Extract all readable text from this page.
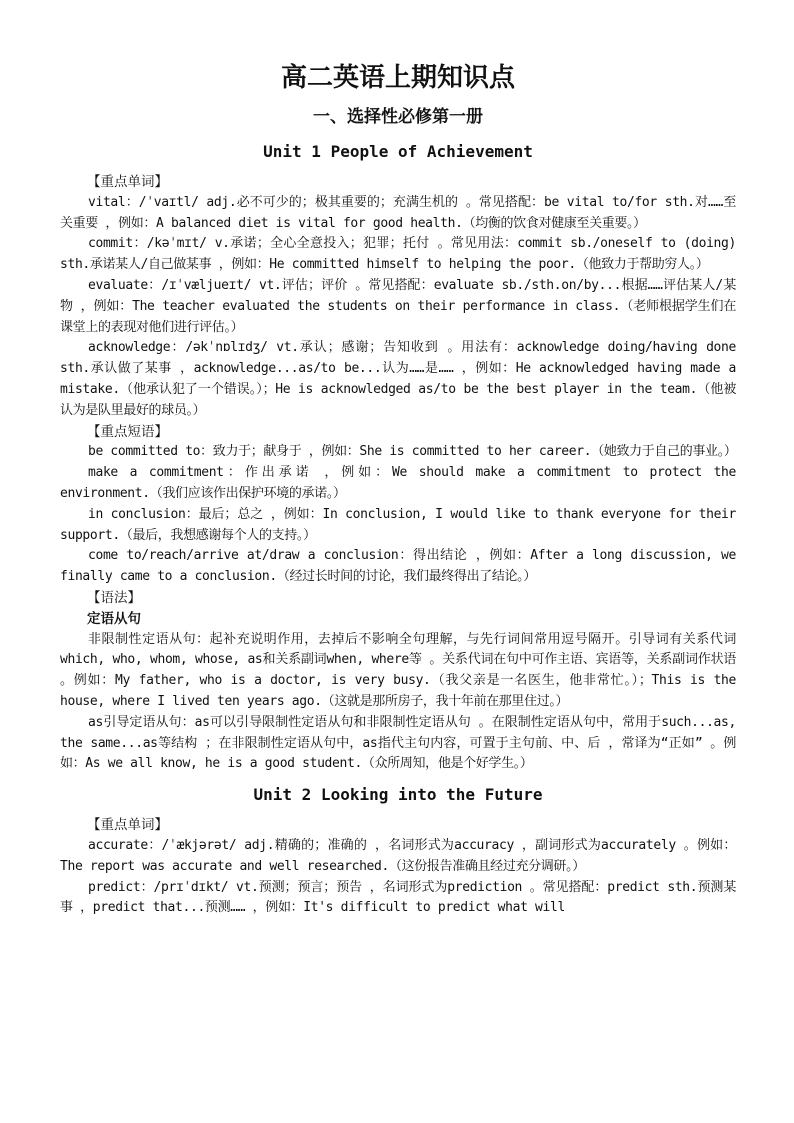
高二英语上期知识点
一、选择性必修第一册
Unit 1 People of Achievement
【重点单词】

vital：/ˈvaɪtl/ adj.必不可少的；极其重要的；充满生机的 。常见搭配：be vital to/for sth.对……至关重要 ，例如：A balanced diet is vital for good health.（均衡的饮食对健康至关重要。）

commit：/kəˈmɪt/ v.承诺；全心全意投入；犯罪；托付 。常见用法：commit sb./oneself to (doing) sth.承诺某人/自己做某事 ，例如：He committed himself to helping the poor.（他致力于帮助穷人。）

evaluate：/ɪˈvæljueɪt/ vt.评估；评价 。常见搭配：evaluate sb./sth.on/by...根据……评估某人/某物 ，例如：The teacher evaluated the students on their performance in class.（老师根据学生们在课堂上的表现对他们进行评估。）

acknowledge：/əkˈnɒlɪdʒ/ vt.承认；感谢；告知收到 。用法有：acknowledge doing/having done sth.承认做了某事 ，acknowledge...as/to be...认为……是…… ，例如：He acknowledged having made a mistake.（他承认犯了一个错误。）；He is acknowledged as/to be the best player in the team.（他被认为是队里最好的球员。）

【重点短语】

be committed to：致力于；献身于 ，例如：She is committed to her career.（她致力于自己的事业。）

make a commitment：作出承诺 ，例如：We should make a commitment to protect the environment.（我们应该作出保护环境的承诺。）

in conclusion：最后；总之 ，例如：In conclusion, I would like to thank everyone for their support.（最后，我想感谢每个人的支持。）

come to/reach/arrive at/draw a conclusion：得出结论 ，例如：After a long discussion, we finally came to a conclusion.（经过长时间的讨论，我们最终得出了结论。）

【语法】
定语从句

非限制性定语从句：起补充说明作用，去掉后不影响全句理解，与先行词间常用逗号隔开。引导词有关系代词which, who, whom, whose, as和关系副词when, where等 。关系代词在句中可作主语、宾语等，关系副词作状语 。例如：My father, who is a doctor, is very busy.（我父亲是一名医生，他非常忙。）；This is the house, where I lived ten years ago.（这就是那所房子，我十年前在那里住过。）

as引导定语从句：as可以引导限制性定语从句和非限制性定语从句 。在限制性定语从句中，常用于such...as, the same...as等结构 ；在非限制性定语从句中，as指代主句内容，可置于主句前、中、后 ，常译为“正如” 。例如：As we all know, he is a good student.（众所周知，他是个好学生。）

Unit 2 Looking into the Future
【重点单词】

accurate：/ˈækjərət/ adj.精确的；准确的 ，名词形式为accuracy ，副词形式为accurately 。例如：The report was accurate and well researched.（这份报告准确且经过充分调研。）

predict：/prɪˈdɪkt/ vt.预测；预言；预告 ，名词形式为prediction 。常见搭配：predict sth.预测某事 ，predict that...预测…… ，例如：It's difficult to predict what will
